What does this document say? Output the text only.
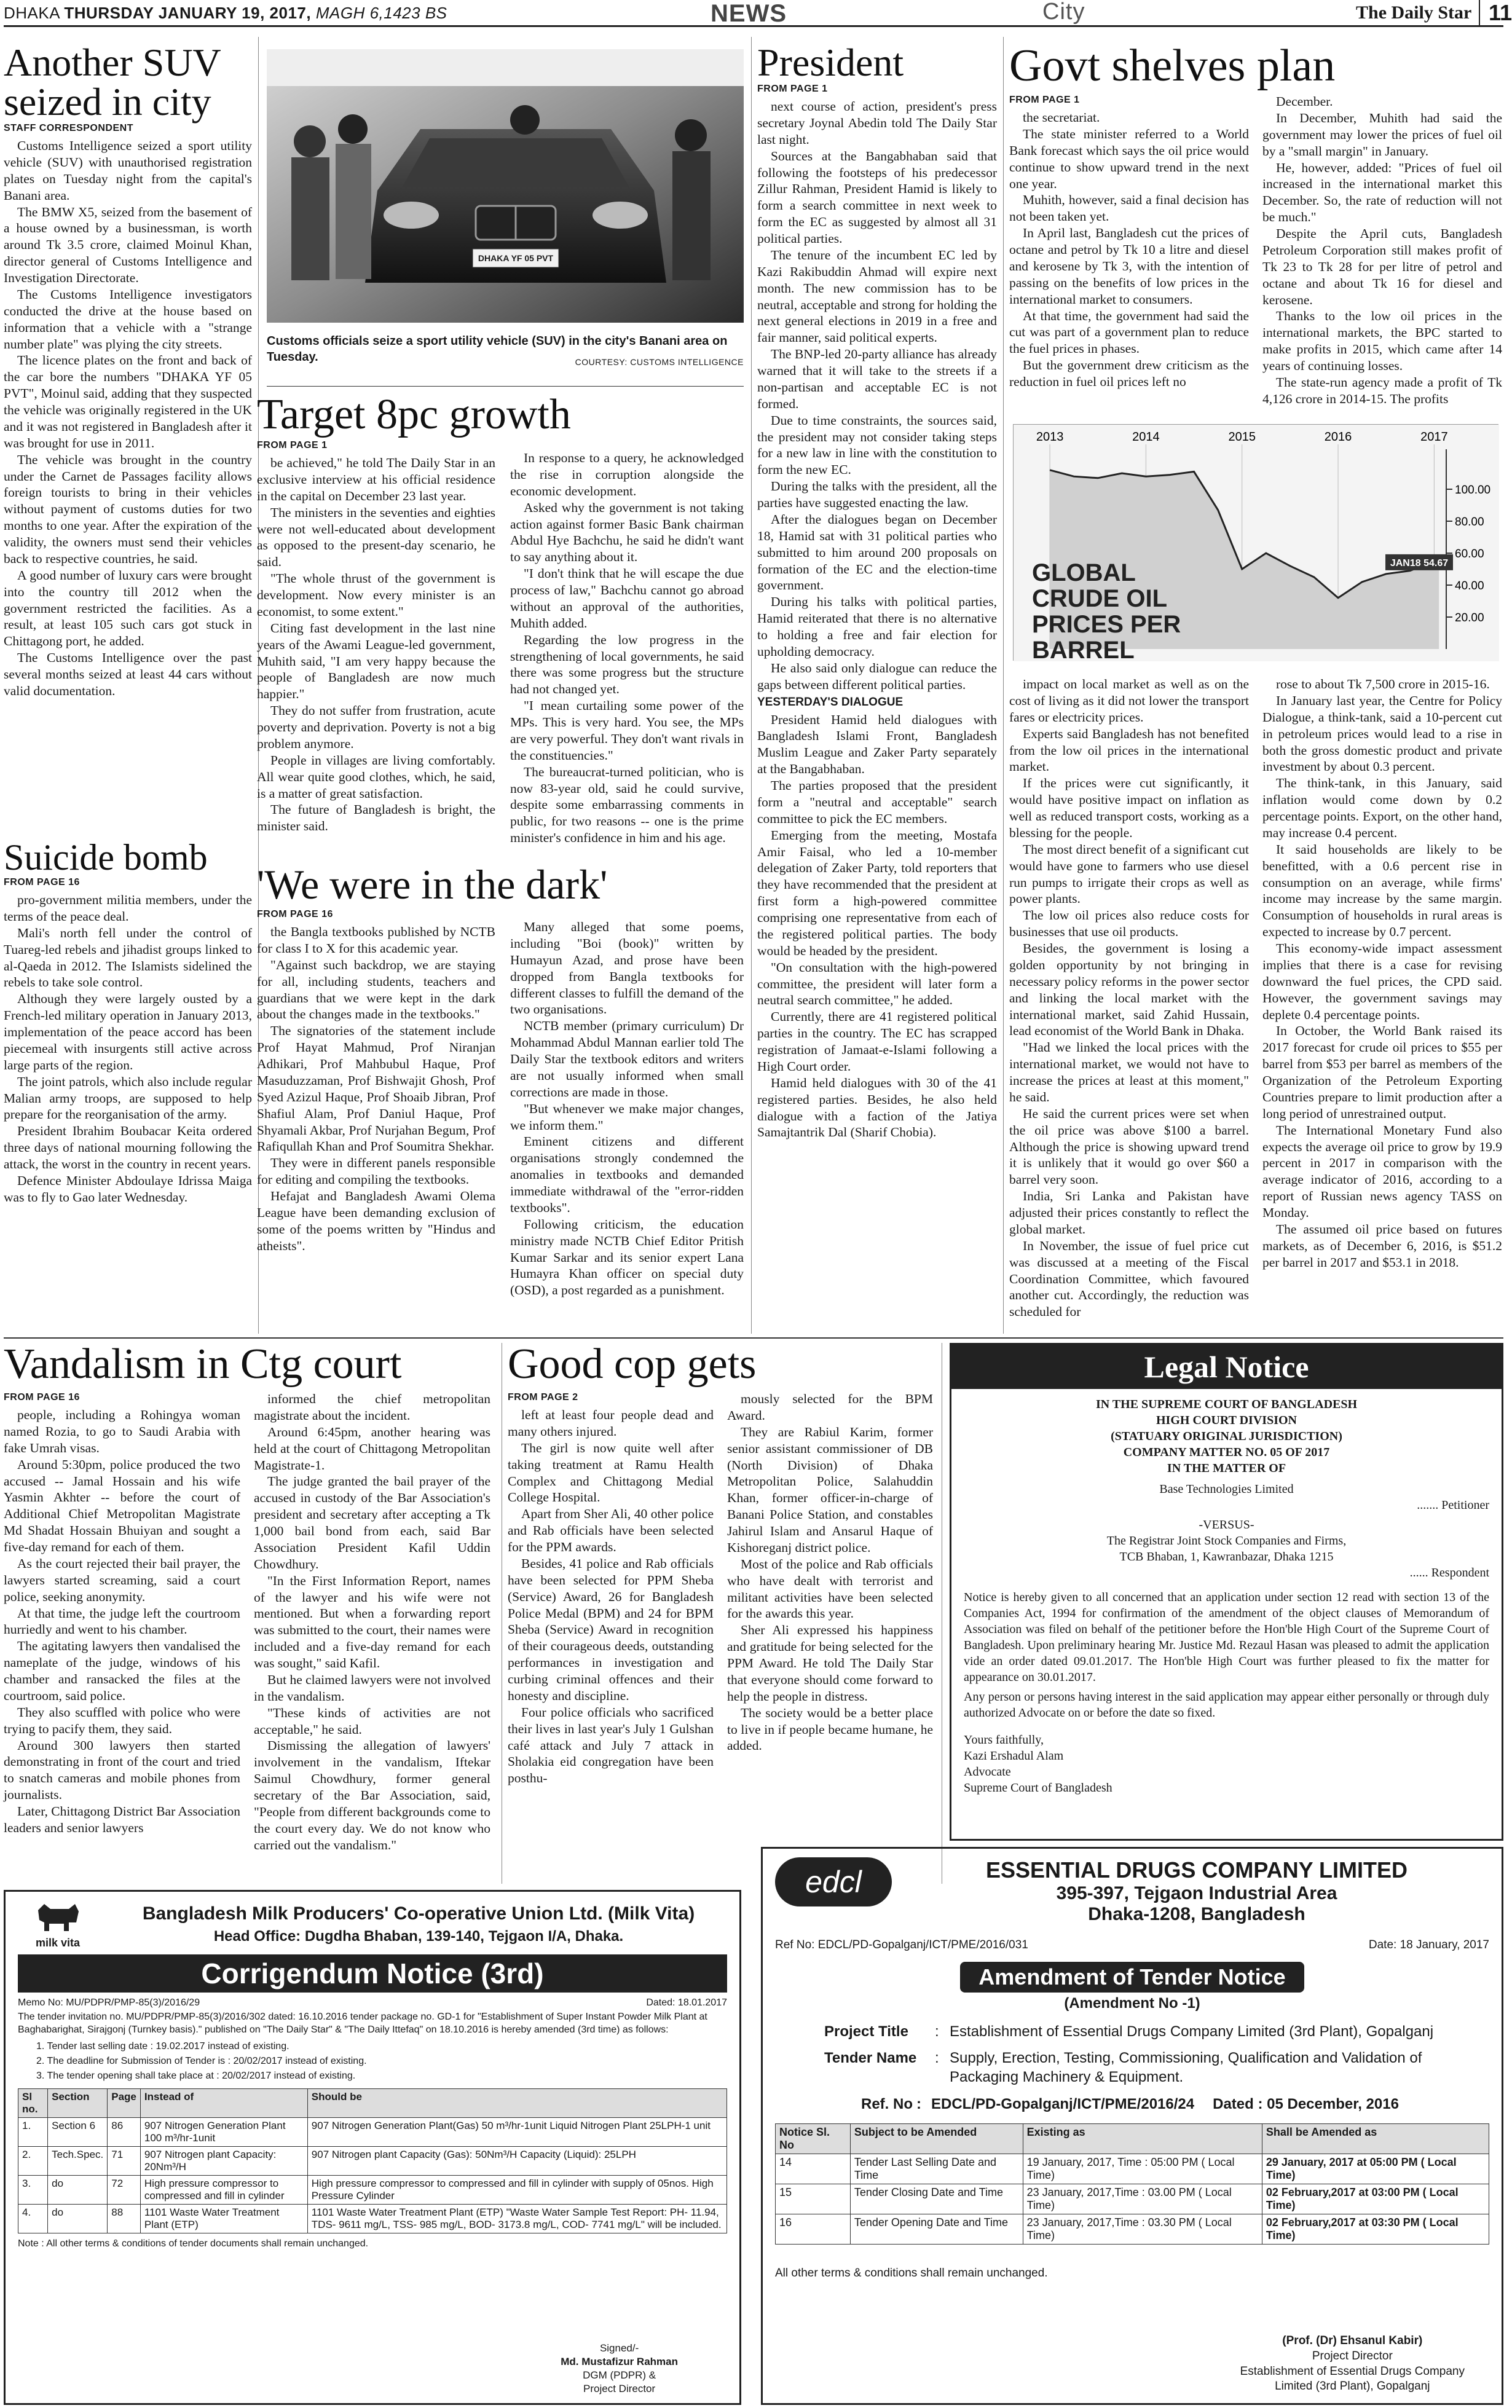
DHAKA THURSDAY JANUARY 19, 2017, MAGH 6,1423 BS	NEWS	City	The Daily Star 11
Another SUV seized in city
STAFF CORRESPONDENT

Customs Intelligence seized a sport utility vehicle (SUV) with unauthorised registration plates on Tuesday night from the capital's Banani area.

The BMW X5, seized from the basement of a house owned by a businessman, is worth around Tk 3.5 crore, claimed Moinul Khan, director general of Customs Intelligence and Investigation Directorate.

The Customs Intelligence investigators conducted the drive at the house based on information that a vehicle with a "strange number plate" was plying the city streets.

The licence plates on the front and back of the car bore the numbers "DHAKA YF 05 PVT", Moinul said, adding that they suspected the vehicle was originally registered in the UK and it was not registered in Bangladesh after it was brought for use in 2011.

The vehicle was brought in the country under the Carnet de Passages facility allows foreign tourists to bring in their vehicles without payment of customs duties for two months to one year. After the expiration of the validity, the owners must send their vehicles back to respective countries, he said.

A good number of luxury cars were brought into the country till 2012 when the government restricted the facilities. As a result, at least 105 such cars got stuck in Chittagong port, he added.

The Customs Intelligence over the past several months seized at least 44 cars without valid documentation.

DHAKA YF 05 PVT
Customs officials seize a sport utility vehicle (SUV) in the city's Banani area on Tuesday.	COURTESY: CUSTOMS INTELLIGENCE
Target 8pc growth
FROM PAGE 1

be achieved," he told The Daily Star in an exclusive interview at his official residence in the capital on December 23 last year.

The ministers in the seventies and eighties were not well-educated about development as opposed to the present-day scenario, he said.

"The whole thrust of the government is development. Now every minister is an economist, to some extent."

Citing fast development in the last nine years of the Awami League-led government, Muhith said, "I am very happy because the people of Bangladesh are now much happier."

They do not suffer from frustration, acute poverty and deprivation. Poverty is not a big problem anymore.

People in villages are living comfortably. All wear quite good clothes, which, he said, is a matter of great satisfaction.

The future of Bangladesh is bright, the minister said.

In response to a query, he acknowledged the rise in corruption alongside the economic development.

Asked why the government is not taking action against former Basic Bank chairman Abdul Hye Bachchu, he said he didn't want to say anything about it.

"I don't think that he will escape the due process of law," Bachchu cannot go abroad without an approval of the authorities, Muhith added.

Regarding the low progress in the strengthening of local governments, he said there was some progress but the structure had not changed yet.

"I mean curtailing some power of the MPs. This is very hard. You see, the MPs are very powerful. They don't want rivals in the constituencies."

The bureaucrat-turned politician, who is now 83-year old, said he could survive, despite some embarrassing comments in public, for two reasons -- one is the prime minister's confidence in him and his age.

Suicide bomb
FROM PAGE 16

pro-government militia members, under the terms of the peace deal.

Mali's north fell under the control of Tuareg-led rebels and jihadist groups linked to al-Qaeda in 2012. The Islamists sidelined the rebels to take sole control.

Although they were largely ousted by a French-led military operation in January 2013, implementation of the peace accord has been piecemeal with insurgents still active across large parts of the region.

The joint patrols, which also include regular Malian army troops, are supposed to help prepare for the reorganisation of the army.

President Ibrahim Boubacar Keita ordered three days of national mourning following the attack, the worst in the country in recent years.

Defence Minister Abdoulaye Idrissa Maiga was to fly to Gao later Wednesday.

'We were in the dark'
FROM PAGE 16

the Bangla textbooks published by NCTB for class I to X for this academic year.

"Against such backdrop, we are staying for all, including students, teachers and guardians that we were kept in the dark about the changes made in the textbooks."

The signatories of the statement include Prof Hayat Mahmud, Prof Niranjan Adhikari, Prof Mahbubul Haque, Prof Masuduzzaman, Prof Bishwajit Ghosh, Prof Syed Azizul Haque, Prof Shoaib Jibran, Prof Shafiul Alam, Prof Daniul Haque, Prof Shyamali Akbar, Prof Nurjahan Begum, Prof Rafiqullah Khan and Prof Soumitra Shekhar.

They were in different panels responsible for editing and compiling the textbooks.

Hefajat and Bangladesh Awami Olema League have been demanding exclusion of some of the poems written by "Hindus and atheists".

Many alleged that some poems, including "Boi (book)" written by Humayun Azad, and prose have been dropped from Bangla textbooks for different classes to fulfill the demand of the two organisations.

NCTB member (primary curriculum) Dr Mohammad Abdul Mannan earlier told The Daily Star the textbook editors and writers are not usually informed when small corrections are made in those.

"But whenever we make major changes, we inform them."

Eminent citizens and different organisations strongly condemned the anomalies in textbooks and demanded immediate withdrawal of the "error-ridden textbooks".

Following criticism, the education ministry made NCTB Chief Editor Pritish Kumar Sarkar and its senior expert Lana Humayra Khan officer on special duty (OSD), a post regarded as a punishment.

President
FROM PAGE 1

next course of action, president's press secretary Joynal Abedin told The Daily Star last night.

Sources at the Bangabhaban said that following the footsteps of his predecessor Zillur Rahman, President Hamid is likely to form a search committee in next week to form the EC as suggested by almost all 31 political parties.

The tenure of the incumbent EC led by Kazi Rakibuddin Ahmad will expire next month. The new commission has to be neutral, acceptable and strong for holding the next general elections in 2019 in a free and fair manner, said political experts.

The BNP-led 20-party alliance has already warned that it will take to the streets if a non-partisan and acceptable EC is not formed.

Due to time constraints, the sources said, the president may not consider taking steps for a new law in line with the constitution to form the new EC.

During the talks with the president, all the parties have suggested enacting the law.

After the dialogues began on December 18, Hamid sat with 31 political parties who submitted to him around 200 proposals on formation of the EC and the election-time government.

During his talks with political parties, Hamid reiterated that there is no alternative to holding a free and fair election for upholding democracy.

He also said only dialogue can reduce the gaps between different political parties.

YESTERDAY'S DIALOGUE

President Hamid held dialogues with Bangladesh Islami Front, Bangladesh Muslim League and Zaker Party separately at the Bangabhaban.

The parties proposed that the president form a "neutral and acceptable" search committee to pick the EC members.

Emerging from the meeting, Mostafa Amir Faisal, who led a 10-member delegation of Zaker Party, told reporters that they have recommended that the president at first form a high-powered committee comprising one representative from each of the registered political parties. The body would be headed by the president.

"On consultation with the high-powered committee, the president will later form a neutral search committee," he added.

Currently, there are 41 registered political parties in the country. The EC has scrapped registration of Jamaat-e-Islami following a High Court order.

Hamid held dialogues with 30 of the 41 registered parties. Besides, he also held dialogue with a faction of the Jatiya Samajtantrik Dal (Sharif Chobia).

Govt shelves plan
FROM PAGE 1

the secretariat.

The state minister referred to a World Bank forecast which says the oil price would continue to show upward trend in the next one year.

Muhith, however, said a final decision has not been taken yet.

In April last, Bangladesh cut the prices of octane and petrol by Tk 10 a litre and diesel and kerosene by Tk 3, with the intention of passing on the benefits of low prices in the international market to consumers.

At that time, the government had said the cut was part of a government plan to reduce the fuel prices in phases.

But the government drew criticism as the reduction in fuel oil prices left no

December.

In December, Muhith had said the government may lower the prices of fuel oil by a "small margin" in January.

He, however, added: "Prices of fuel oil increased in the international market this December. So, the rate of reduction will not be much."

Despite the April cuts, Bangladesh Petroleum Corporation still makes profit of Tk 23 to Tk 28 for per litre of petrol and octane and about Tk 16 for diesel and kerosene.

Thanks to the low oil prices in the international markets, the BPC started to make profits in 2015, which came after 14 years of continuing losses.

The state-run agency made a profit of Tk 4,126 crore in 2014-15. The profits

2013	2014	2015	2016	2017
20.00
40.00
60.00
80.00
100.00
JAN18 54.67
GLOBAL CRUDE OIL PRICES PER BARREL

impact on local market as well as on the cost of living as it did not lower the transport fares or electricity prices.

Experts said Bangladesh has not benefited from the low oil prices in the international market.

If the prices were cut significantly, it would have positive impact on inflation as well as reduced transport costs, working as a blessing for the people.

The most direct benefit of a significant cut would have gone to farmers who use diesel run pumps to irrigate their crops as well as power plants.

The low oil prices also reduce costs for businesses that use oil products.

Besides, the government is losing a golden opportunity by not bringing in necessary policy reforms in the power sector and linking the local market with the international market, said Zahid Hussain, lead economist of the World Bank in Dhaka.

"Had we linked the local prices with the international market, we would not have to increase the prices at least at this moment," he said.

He said the current prices were set when the oil price was above $100 a barrel. Although the price is showing upward trend it is unlikely that it would go over $60 a barrel very soon.

India, Sri Lanka and Pakistan have adjusted their prices constantly to reflect the global market.

In November, the issue of fuel price cut was discussed at a meeting of the Fiscal Coordination Committee, which favoured another cut. Accordingly, the reduction was scheduled for

rose to about Tk 7,500 crore in 2015-16.

In January last year, the Centre for Policy Dialogue, a think-tank, said a 10-percent cut in petroleum prices would lead to a rise in both the gross domestic product and private investment by about 0.3 percent.

The think-tank, in this January, said inflation would come down by 0.2 percentage points. Export, on the other hand, may increase 0.4 percent.

It said households are likely to be benefitted, with a 0.6 percent rise in consumption on an average, while firms' income may increase by the same margin. Consumption of households in rural areas is expected to increase by 0.7 percent.

This economy-wide impact assessment implies that there is a case for revising downward the fuel prices, the CPD said. However, the government savings may deplete 0.4 percentage points.

In October, the World Bank raised its 2017 forecast for crude oil prices to $55 per barrel from $53 per barrel as members of the Organization of the Petroleum Exporting Countries prepare to limit production after a long period of unrestrained output.

The International Monetary Fund also expects the average oil price to grow by 19.9 percent in 2017 in comparison with the average indicator of 2016, according to a report of Russian news agency TASS on Monday.

The assumed oil price based on futures markets, as of December 6, 2016, is $51.2 per barrel in 2017 and $53.1 in 2018.

Vandalism in Ctg court
FROM PAGE 16

people, including a Rohingya woman named Rozia, to go to Saudi Arabia with fake Umrah visas.

Around 5:30pm, police produced the two accused -- Jamal Hossain and his wife Yasmin Akhter -- before the court of Additional Chief Metropolitan Magistrate Md Shadat Hossain Bhuiyan and sought a five-day remand for each of them.

As the court rejected their bail prayer, the lawyers started screaming, said a court police, seeking anonymity.

At that time, the judge left the courtroom hurriedly and went to his chamber.

The agitating lawyers then vandalised the nameplate of the judge, windows of his chamber and ransacked the files at the courtroom, said police.

They also scuffled with police who were trying to pacify them, they said.

Around 300 lawyers then started demonstrating in front of the court and tried to snatch cameras and mobile phones from journalists.

Later, Chittagong District Bar Association leaders and senior lawyers

informed the chief metropolitan magistrate about the incident.

Around 6:45pm, another hearing was held at the court of Chittagong Metropolitan Magistrate-1.

The judge granted the bail prayer of the accused in custody of the Bar Association's president and secretary after accepting a Tk 1,000 bail bond from each, said Bar Association President Kafil Uddin Chowdhury.

"In the First Information Report, names of the lawyer and his wife were not mentioned. But when a forwarding report was submitted to the court, their names were included and a five-day remand for each was sought," said Kafil.

But he claimed lawyers were not involved in the vandalism.

"These kinds of activities are not acceptable," he said.

Dismissing the allegation of lawyers' involvement in the vandalism, Iftekar Saimul Chowdhury, former general secretary of the Bar Association, said, "People from different backgrounds come to the court every day. We do not know who carried out the vandalism."

Good cop gets
FROM PAGE 2

left at least four people dead and many others injured.

The girl is now quite well after taking treatment at Ramu Health Complex and Chittagong Medial College Hospital.

Apart from Sher Ali, 40 other police and Rab officials have been selected for the PPM awards.

Besides, 41 police and Rab officials have been selected for PPM Sheba (Service) Award, 26 for Bangladesh Police Medal (BPM) and 24 for BPM Sheba (Service) Award in recognition of their courageous deeds, outstanding performances in investigation and curbing criminal offences and their honesty and discipline.

Four police officials who sacrificed their lives in last year's July 1 Gulshan café attack and July 7 attack in Sholakia eid congregation have been posthu-

mously selected for the BPM Award.

They are Rabiul Karim, former senior assistant commissioner of DB (North Division) of Dhaka Metropolitan Police, Salahuddin Khan, former officer-in-charge of Banani Police Station, and constables Jahirul Islam and Ansarul Haque of Kishoreganj district police.

Most of the police and Rab officials who have dealt with terrorist and militant activities have been selected for the awards this year.

Sher Ali expressed his happiness and gratitude for being selected for the PPM Award. He told The Daily Star that everyone should come forward to help the people in distress.

The society would be a better place to live in if people became humane, he added.

Legal Notice
IN THE SUPREME COURT OF BANGLADESH
HIGH COURT DIVISION
(STATUARY ORIGINAL JURISDICTION)
COMPANY MATTER NO. 05 OF 2017
IN THE MATTER OF
Base Technologies Limited
....... Petitioner
-VERSUS-
The Registrar Joint Stock Companies and Firms,
TCB Bhaban, 1, Kawranbazar, Dhaka 1215
...... Respondent
Notice is hereby given to all concerned that an application under section 12 read with section 13 of the Companies Act, 1994 for confirmation of the amendment of the object clauses of Memorandum of Association was filed on behalf of the petitioner before the Hon'ble High Court of the Supreme Court of Bangladesh. Upon preliminary hearing Mr. Justice Md. Rezaul Hasan was pleased to admit the application vide an order dated 09.01.2017. The Hon'ble High Court was further pleased to fix the matter for appearance on 30.01.2017.
Any person or persons having interest in the said application may appear either personally or through duly authorized Advocate on or before the date so fixed.
Yours faithfully,
Kazi Ershadul Alam
Advocate
Supreme Court of Bangladesh
milk vita
Bangladesh Milk Producers' Co-operative Union Ltd. (Milk Vita)
Head Office: Dugdha Bhaban, 139-140, Tejgaon I/A, Dhaka.
Corrigendum Notice (3rd)
Memo No: MU/PDPR/PMP-85(3)/2016/29	Dated: 18.01.2017
The tender invitation no. MU/PDPR/PMP-85(3)/2016/302 dated: 16.10.2016 tender package no. GD-1 for "Establishment of Super Instant Powder Milk Plant at Baghabarighat, Sirajgonj (Turnkey basis)." published on "The Daily Star" & "The Daily Ittefaq" on 18.10.2016 is hereby amended (3rd time) as follows:
1. Tender last selling date : 19.02.2017 instead of existing.
2. The deadline for Submission of Tender is : 20/02/2017 instead of existing.
3. The tender opening shall take place at : 20/02/2017 instead of existing.
Sl no.	Section	Page	Instead of	Should be
1.	Section 6	86	907 Nitrogen Generation Plant 100 m³/hr-1unit	907 Nitrogen Generation Plant(Gas) 50 m³/hr-1unit Liquid Nitrogen Plant 25LPH-1 unit
2.	Tech.Spec.	71	907 Nitrogen plant Capacity: 20Nm³/H	907 Nitrogen plant Capacity (Gas): 50Nm³/H Capacity (Liquid): 25LPH
3.	do	72	High pressure compressor to compressed and fill in cylinder	High pressure compressor to compressed and fill in cylinder with supply of 05nos. High Pressure Cylinder
4.	do	88	1101 Waste Water Treatment Plant (ETP)	1101 Waste Water Treatment Plant (ETP) "Waste Water Sample Test Report: PH- 11.94, TDS- 9611 mg/L, TSS- 985 mg/L, BOD- 3173.8 mg/L, COD- 7741 mg/L" will be included.
Note : All other terms & conditions of tender documents shall remain unchanged.
Signed/-
Md. Mustafizur Rahman
DGM (PDPR) &
Project Director
edcl	ESSENTIAL DRUGS COMPANY LIMITED
395-397, Tejgaon Industrial Area
Dhaka-1208, Bangladesh
Ref No: EDCL/PD-Gopalganj/ICT/PME/2016/031	Date: 18 January, 2017
Amendment of Tender Notice
(Amendment No -1)
Project Title	: Establishment of Essential Drugs Company Limited (3rd Plant), Gopalganj
Tender Name	: Supply, Erection, Testing, Commissioning, Qualification and Validation of Packaging Machinery & Equipment.
Ref. No : EDCL/PD-Gopalganj/ICT/PME/2016/24 Dated : 05 December, 2016
Notice Sl. No	Subject to be Amended	Existing as	Shall be Amended as
14	Tender Last Selling Date and Time	19 January, 2017, Time : 05:00 PM ( Local Time)	29 January, 2017 at 05:00 PM ( Local Time)
15	Tender Closing Date and Time	23 January, 2017,Time : 03.00 PM ( Local Time)	02 February,2017 at 03:00 PM ( Local Time)
16	Tender Opening Date and Time	23 January, 2017,Time : 03.30 PM ( Local Time)	02 February,2017 at 03:30 PM ( Local Time)
All other terms & conditions shall remain unchanged.
(Prof. (Dr) Ehsanul Kabir)
Project Director
Establishment of Essential Drugs Company
Limited (3rd Plant), Gopalganj
